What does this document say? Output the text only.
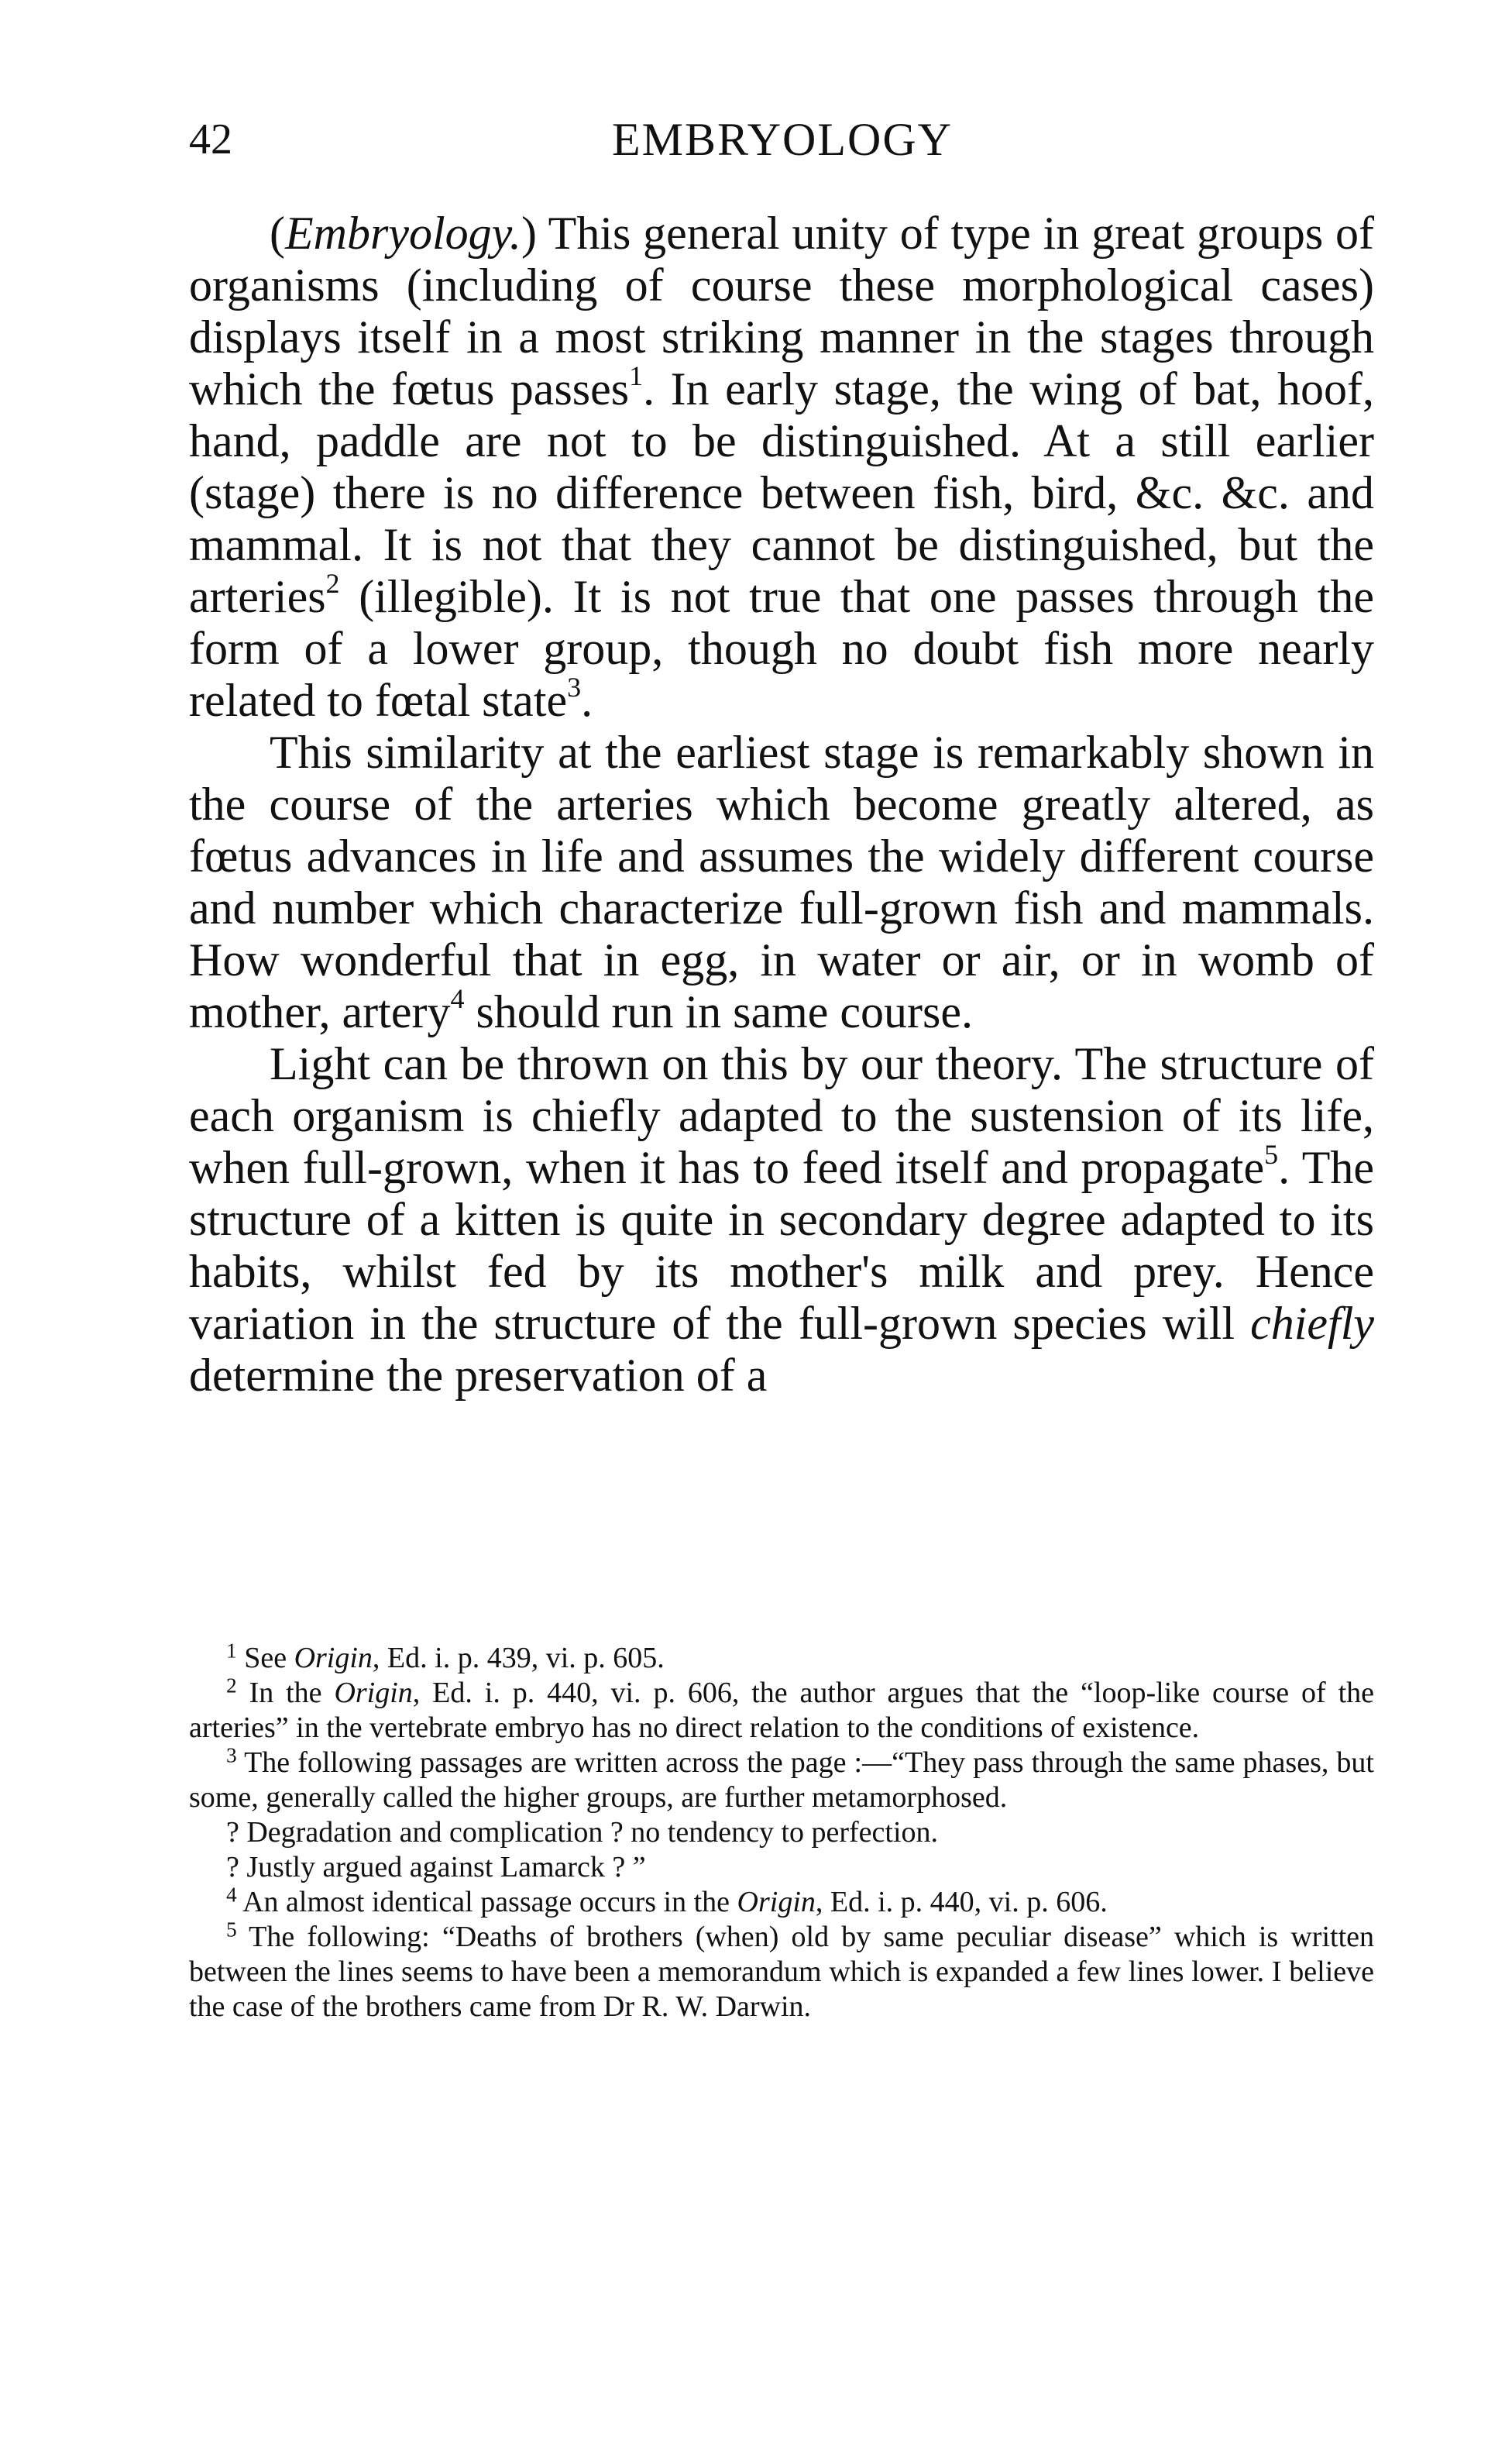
42	EMBRYOLOGY

(Embryology.) This general unity of type in great groups of organisms (including of course these morphological cases) displays itself in a most striking manner in the stages through which the fœtus passes$^1$. In early stage, the wing of bat, hoof, hand, paddle are not to be distinguished. At a still earlier (stage) there is no difference between fish, bird, &c. &c. and mammal. It is not that they cannot be distinguished, but the arteries$^2$ (illegible). It is not true that one passes through the form of a lower group, though no doubt fish more nearly related to fœtal state$^3$.

This similarity at the earliest stage is remarkably shown in the course of the arteries which become greatly altered, as fœtus advances in life and assumes the widely different course and number which characterize full-grown fish and mammals. How wonderful that in egg, in water or air, or in womb of mother, artery$^4$ should run in same course.

Light can be thrown on this by our theory. The structure of each organism is chiefly adapted to the sustension of its life, when full-grown, when it has to feed itself and propagate$^5$. The structure of a kitten is quite in secondary degree adapted to its habits, whilst fed by its mother's milk and prey. Hence variation in the structure of the full-grown species will chiefly determine the preservation of a

$^1$ See Origin, Ed. i. p. 439, vi. p. 605.

$^2$ In the Origin, Ed. i. p. 440, vi. p. 606, the author argues that the “loop-like course of the arteries” in the vertebrate embryo has no direct relation to the conditions of existence.

$^3$ The following passages are written across the page :—“They pass through the same phases, but some, generally called the higher groups, are further metamorphosed.

? Degradation and complication ? no tendency to perfection.

? Justly argued against Lamarck ? ”

$^4$ An almost identical passage occurs in the Origin, Ed. i. p. 440, vi. p. 606.

$^5$ The following: “Deaths of brothers (when) old by same peculiar disease” which is written between the lines seems to have been a memorandum which is expanded a few lines lower. I believe the case of the brothers came from Dr R. W. Darwin.
